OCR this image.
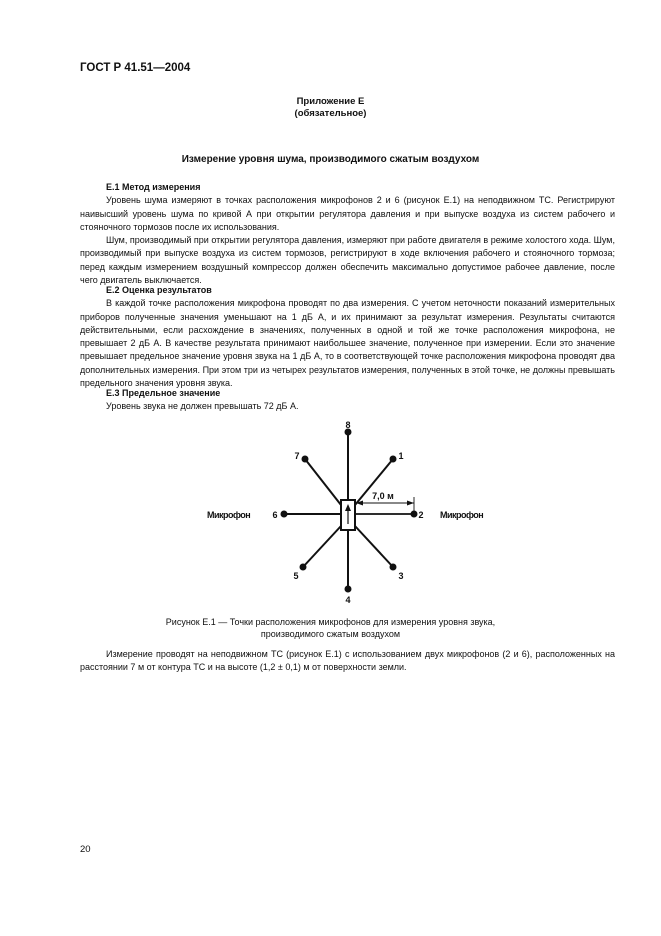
ГОСТ Р 41.51—2004
Приложение Е
(обязательное)
Измерение уровня шума, производимого сжатым воздухом

Е.1 Метод измерения

Уровень шума измеряют в точках расположения микрофонов 2 и 6 (рисунок Е.1) на неподвижном ТС. Регистрируют наивысший уровень шума по кривой А при открытии регулятора давления и при выпуске воздуха из систем рабочего и стояночного тормозов после их использования.

Шум, производимый при открытии регулятора давления, измеряют при работе двигателя в режиме холостого хода. Шум, производимый при выпуске воздуха из систем тормозов, регистрируют в ходе включения рабочего и стояночного тормоза; перед каждым измерением воздушный компрессор должен обеспечить максимально допустимое рабочее давление, после чего двигатель выключается.

Е.2 Оценка результатов

В каждой точке расположения микрофона проводят по два измерения. С учетом неточности показаний измерительных приборов полученные значения уменьшают на 1 дБ А, и их принимают за результат измерения. Результаты считаются действительными, если расхождение в значениях, полученных в одной и той же точке расположения микрофона, не превышает 2 дБ А. В качестве результата принимают наибольшее значение, полученное при измерении. Если это значение превышает предельное значение уровня звука на 1 дБ А, то в соответствующей точке расположения микрофона проводят два дополнительных измерения. При этом три из четырех результатов измерения, полученных в этой точке, не должны превышать предельного значения уровня звука.

Е.3 Предельное значение

Уровень звука не должен превышать 72 дБ А.

8
4
6	2
7	1
5	3
7,0 м
Микрофон	Микрофон
Рисунок Е.1 — Точки расположения микрофонов для измерения уровня звука,
производимого сжатым воздухом

Измерение проводят на неподвижном ТС (рисунок Е.1) с использованием двух микрофонов (2 и 6), расположенных на расстоянии 7 м от контура ТС и на высоте (1,2 ± 0,1) м от поверхности земли.

20
